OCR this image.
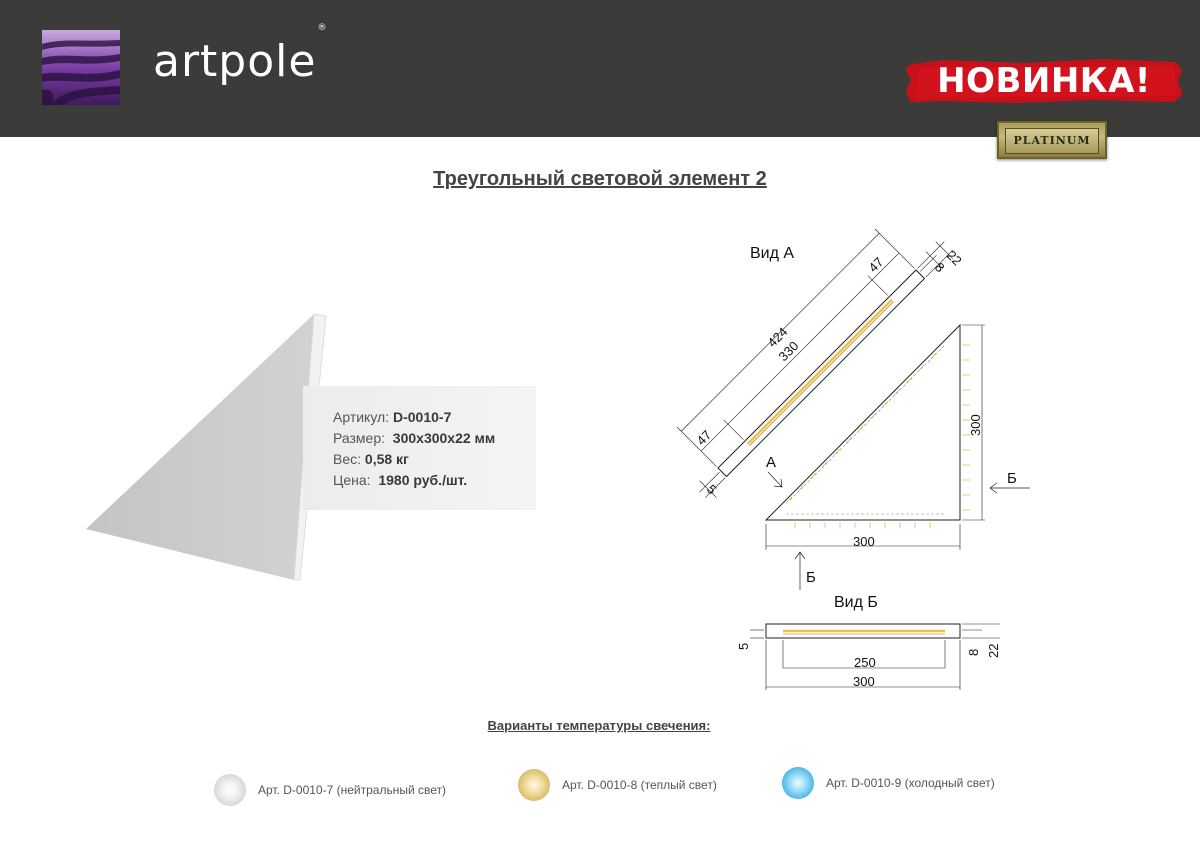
artpole®
НОВИНКА!
PLATINUM
Треугольный световой элемент 2
Артикул: D-0010-7
Размер: 300х300х22 мм
Вес: 0,58 кг
Цена: 1980 руб./шт.
Вид А
424
330
47
47
22
8
5
300
300
А
Б
Б
Вид Б
250
300
8 22
5
Варианты температуры свечения:
Арт. D-0010-7 (нейтральный свет)	Арт. D-0010-8 (теплый свет)	Арт. D-0010-9 (холодный свет)
